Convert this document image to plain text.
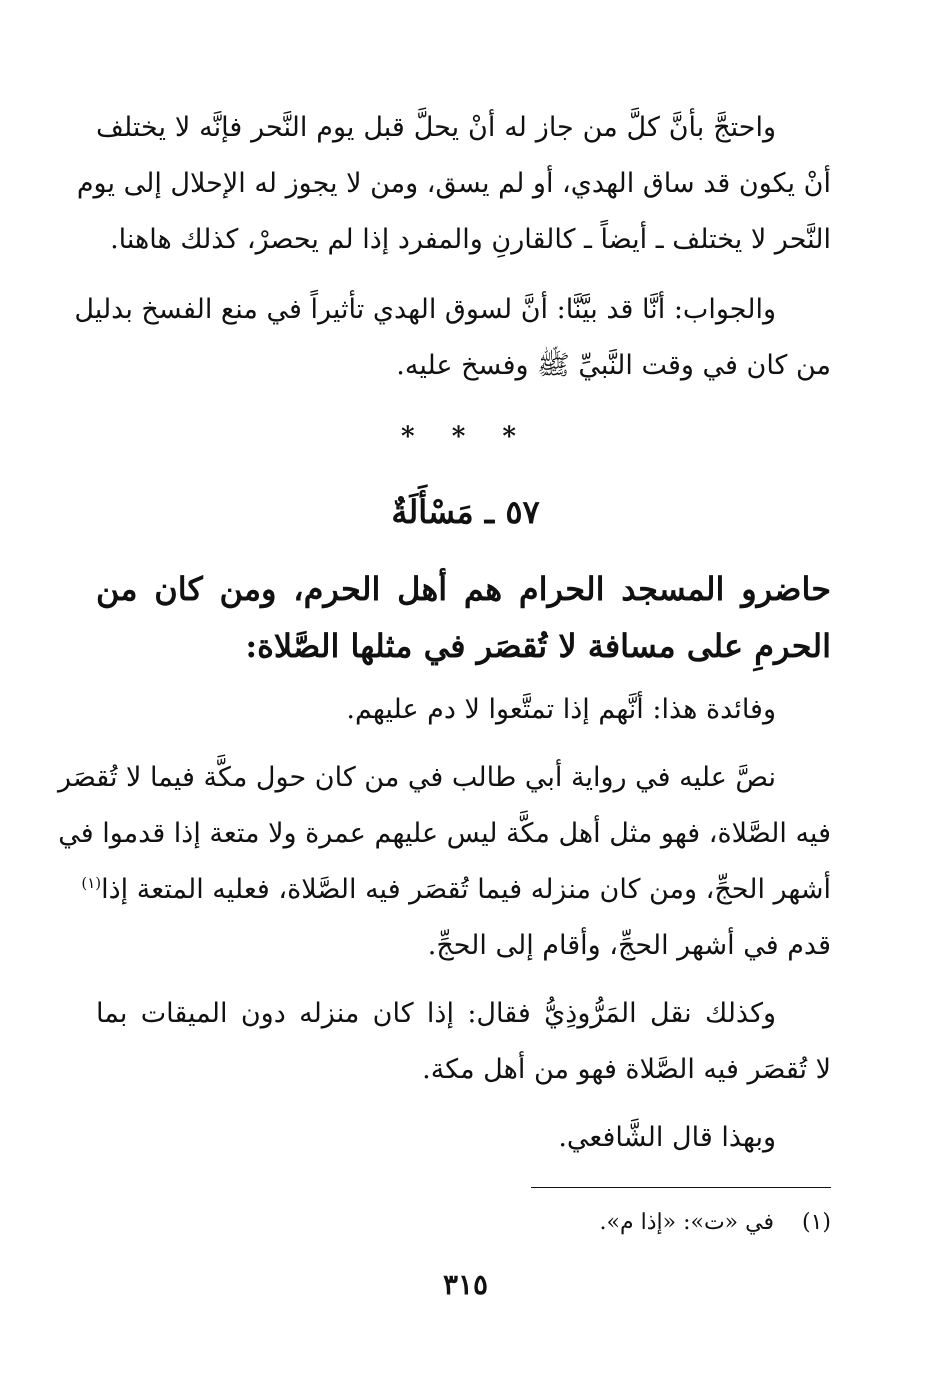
واحتجَّ بأنَّ كلَّ من جاز له أنْ يحلَّ قبل يوم النَّحر فإنَّه لا يختلف
أنْ يكون قد ساق الهدي، أو لم يسق، ومن لا يجوز له الإحلال إلى يوم
النَّحر لا يختلف ـ أيضاً ـ كالقارنِ والمفرد إذا لم يحصرْ، كذلك هاهنا.
والجواب: أنَّا قد بيَّنَّا: أنَّ لسوق الهدي تأثيراً في منع الفسخ بدليل
من كان في وقت النَّبيِّ ﷺ وفسخ عليه.
* * *
٥٧ ـ مَسْأَلَةٌ
حاضرو المسجد الحرام هم أهل الحرم، ومن كان من
الحرمِ على مسافة لا تُقصَر في مثلها الصَّلاة:
وفائدة هذا: أنَّهم إذا تمتَّعوا لا دم عليهم.
نصَّ عليه في رواية أبي طالب في من كان حول مكَّة فيما لا تُقصَر
فيه الصَّلاة، فهو مثل أهل مكَّة ليس عليهم عمرة ولا متعة إذا قدموا في
أشهر الحجِّ، ومن كان منزله فيما تُقصَر فيه الصَّلاة، فعليه المتعة إذا$^{(١)}$
قدم في أشهر الحجِّ، وأقام إلى الحجِّ.
وكذلك نقل المَرُّوذِيُّ فقال: إذا كان منزله دون الميقات بما
لا تُقصَر فيه الصَّلاة فهو من أهل مكة.
وبهذا قال الشَّافعي.
(١)في «ت»: «إذا م».
٣١٥
